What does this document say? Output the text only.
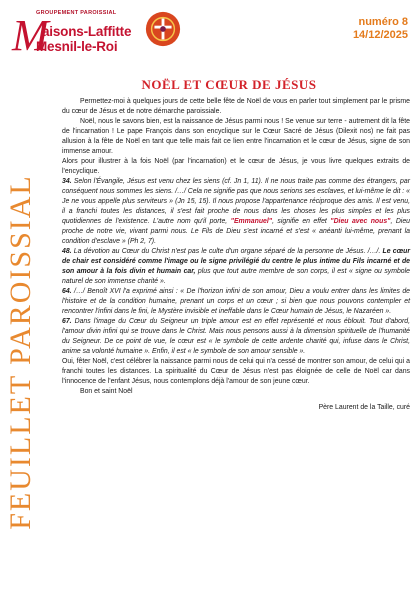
FEUILLET PAROISSIAL
GROUPEMENT PAROISSIAL
M
aisons-Laffitte
Mesnil-le-Roi
numéro 8
14/12/2025
NOËL ET CŒUR DE JÉSUS

Permettez-moi à quelques jours de cette belle fête de Noël de vous en parler tout simplement par le prisme du cœur de Jésus et de notre démarche paroissiale.

Noël, nous le savons bien, est la naissance de Jésus parmi nous ! Se venue sur terre - autrement dit la fête de l'incarnation ! Le pape François dans son encyclique sur le Cœur Sacré de Jésus (Dilexit nos) ne fait pas allusion à la fête de Noël en tant que telle mais fait ce lien entre l'incarnation et le cœur de Jésus, signe de son immense amour.

Alors pour illustrer à la fois Noël (par l'incarnation) et le cœur de Jésus, je vous livre quelques extraits de l'encyclique.

34. Selon l'Évangile, Jésus est venu chez les siens (cf. Jn 1, 11). Il ne nous traite pas comme des étrangers, par conséquent nous sommes les siens. /…/ Cela ne signifie pas que nous serions ses esclaves, et lui-même le dit : « Je ne vous appelle plus serviteurs » (Jn 15, 15). Il nous propose l'appartenance réciproque des amis. Il est venu, il a franchi toutes les distances, il s'est fait proche de nous dans les choses les plus simples et les plus quotidiennes de l'existence. L'autre nom qu'il porte, "Emmanuel", signifie en effet "Dieu avec nous", Dieu proche de notre vie, vivant parmi nous. Le Fils de Dieu s'est incarné et s'est « anéanti lui-même, prenant la condition d'esclave » (Ph 2, 7).

48. La dévotion au Cœur du Christ n'est pas le culte d'un organe séparé de la personne de Jésus. /…/. Le cœur de chair est considéré comme l'image ou le signe privilégié du centre le plus intime du Fils incarné et de son amour à la fois divin et humain car, plus que tout autre membre de son corps, il est « signe ou symbole naturel de son immense charité ».

64. /…/ Benoît XVI l'a exprimé ainsi : « De l'horizon infini de son amour, Dieu a voulu entrer dans les limites de l'histoire et de la condition humaine, prenant un corps et un cœur ; si bien que nous pouvons contempler et rencontrer l'infini dans le fini, le Mystère invisible et ineffable dans le Cœur humain de Jésus, le Nazaréen ».

67. Dans l'image du Cœur du Seigneur un triple amour est en effet représenté et nous éblouit. Tout d'abord, l'amour divin infini qui se trouve dans le Christ. Mais nous pensons aussi à la dimension spirituelle de l'humanité du Seigneur. De ce point de vue, le cœur est « le symbole de cette ardente charité qui, infuse dans le Christ, anime sa volonté humaine ». Enfin, il est « le symbole de son amour sensible ».

Oui, fêter Noël, c'est célébrer la naissance parmi nous de celui qui n'a cessé de montrer son amour, de celui qui a franchi toutes les distances. La spiritualité du Cœur de Jésus n'est pas éloignée de celle de Noël car dans l'innocence de l'enfant Jésus, nous contemplons déjà l'amour de son jeune cœur.

Bon et saint Noël

Père Laurent de la Taille, curé
